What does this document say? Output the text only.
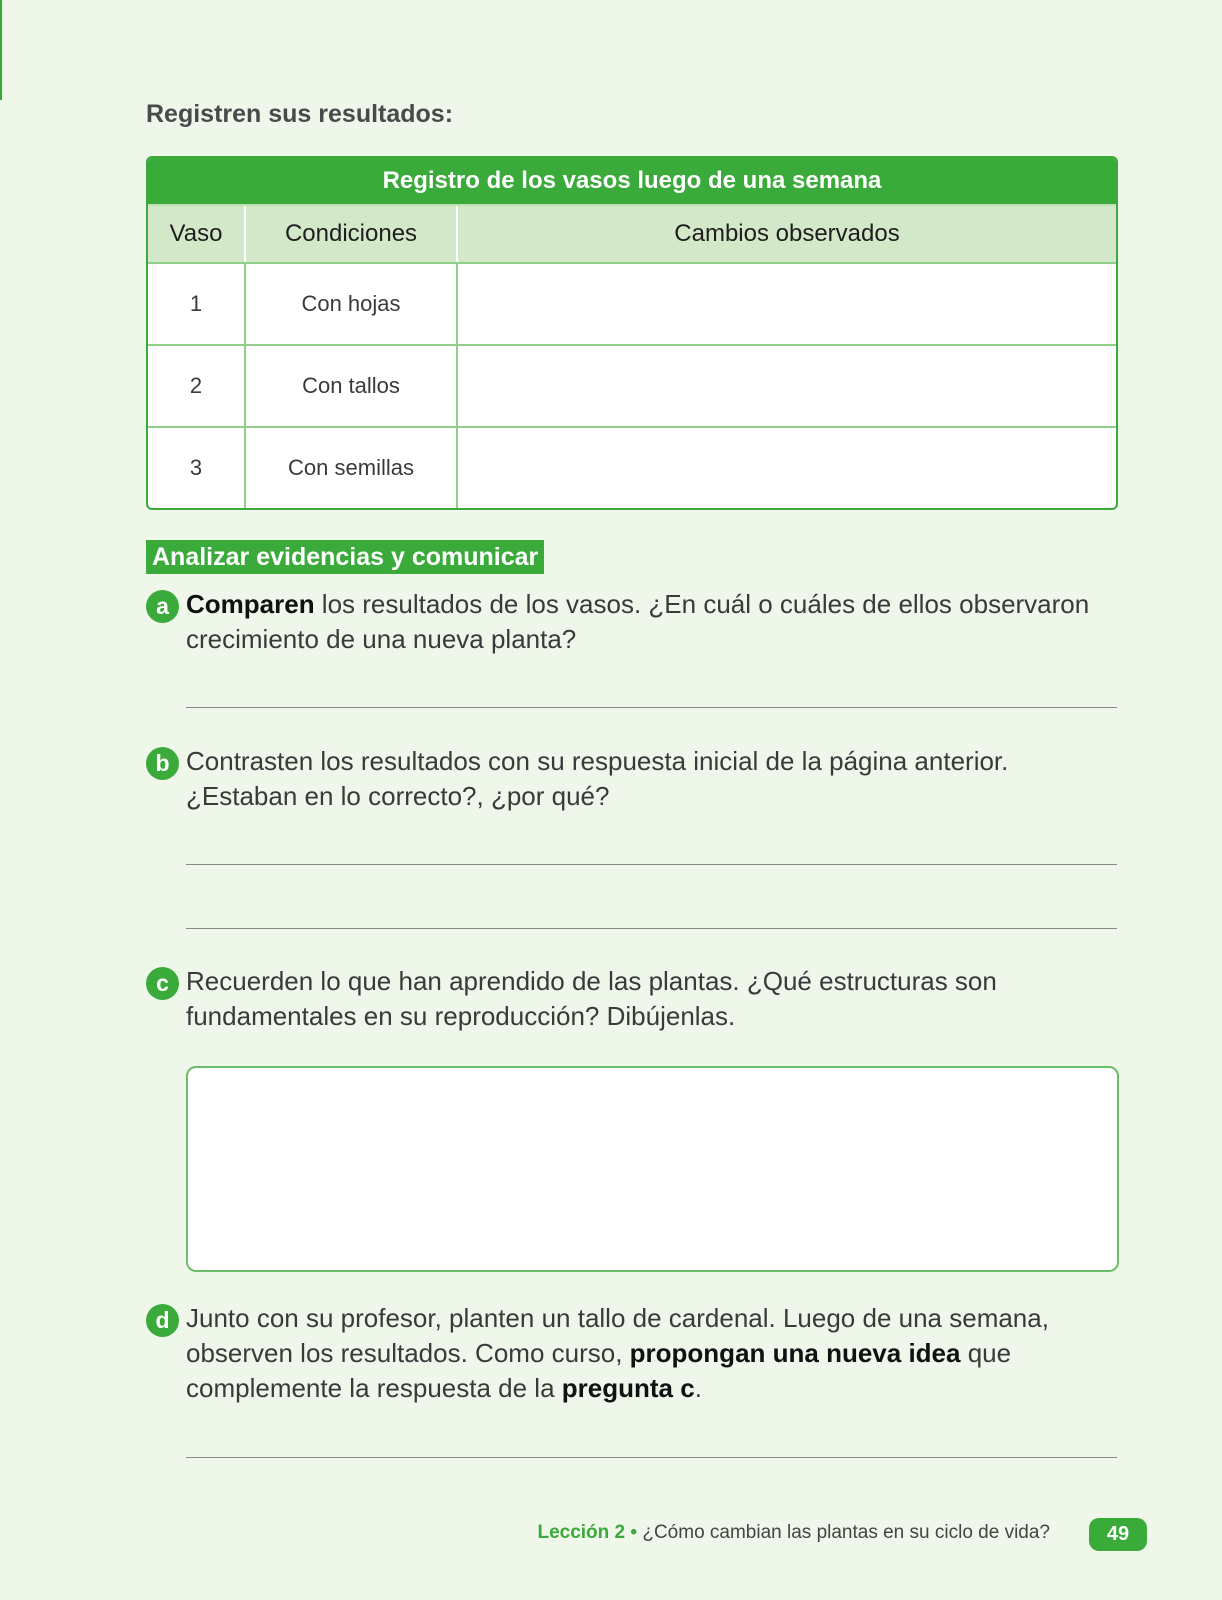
Registren sus resultados:
Registro de los vasos luego de una semana
Vaso	Condiciones	Cambios observados
1	Con hojas
2	Con tallos
3	Con semillas
Analizar evidencias y comunicar
a Comparen los resultados de los vasos. ¿En cuál o cuáles de ellos observaron crecimiento de una nueva planta?
b Contrasten los resultados con su respuesta inicial de la página anterior. ¿Estaban en lo correcto?, ¿por qué?
c Recuerden lo que han aprendido de las plantas. ¿Qué estructuras son fundamentales en su reproducción? Dibújenlas.
d Junto con su profesor, planten un tallo de cardenal. Luego de una semana, observen los resultados. Como curso, propongan una nueva idea que complemente la respuesta de la pregunta c.
Lección 2 • ¿Cómo cambian las plantas en su ciclo de vida?	49
